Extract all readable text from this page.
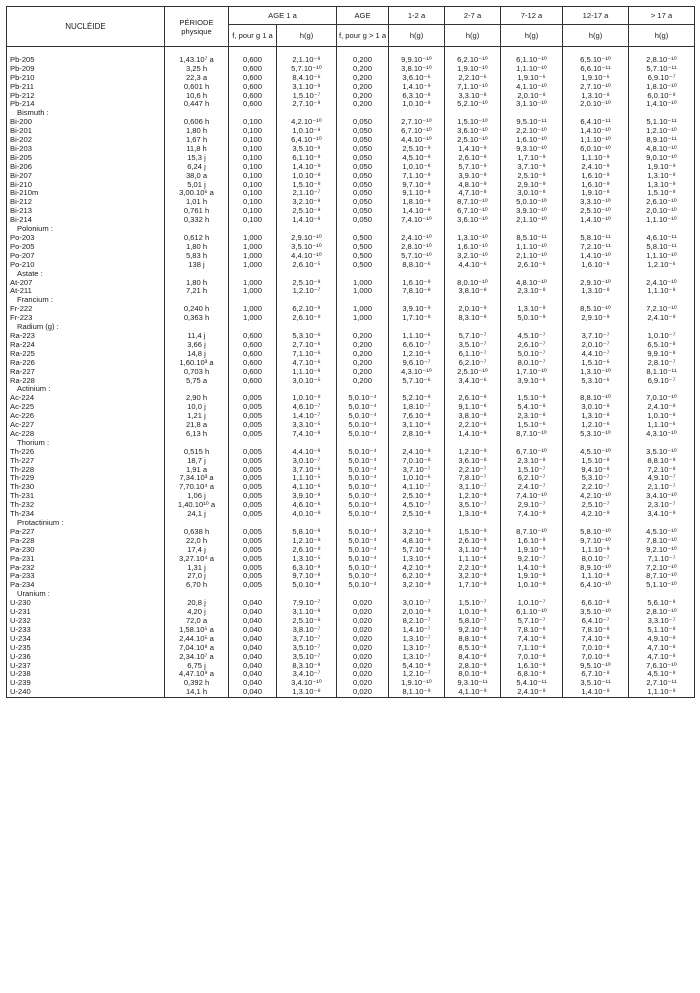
NUCLÉIDE	PÉRIODE physique	AGE 1 a		AGE	1-2 a	2-7 a	7-12 a	12-17 a	> 17 a
		f, pour g 1 a	h(g)	f, pour g > 1 a	h(g)	h(g)	h(g)	h(g)	h(g)

Pb-205	1,43.10⁷ a	0,600	2,1.10⁻⁹	0,200	9,9.10⁻¹⁰	6,2.10⁻¹⁰	6,1.10⁻¹⁰	6,5.10⁻¹⁰	2,8.10⁻¹⁰
Pb-209	3,25 h	0,600	5,7.10⁻¹⁰	0,200	3,8.10⁻¹⁰	1,9.10⁻¹⁰	1,1.10⁻¹⁰	6,6.10⁻¹¹	5,7.10⁻¹¹
Pb-210	22,3 a	0,600	8,4.10⁻⁶	0,200	3,6.10⁻⁶	2,2.10⁻⁶	1,9.10⁻⁶	1,9.10⁻⁶	6,9.10⁻⁷
Pb-211	0,601 h	0,600	3,1.10⁻⁹	0,200	1,4.10⁻⁹	7,1.10⁻¹⁰	4,1.10⁻¹⁰	2,7.10⁻¹⁰	1,8.10⁻¹⁰
Pb-212	10,6 h	0,600	1,5.10⁻⁷	0,200	6,3.10⁻⁸	3,3.10⁻⁸	2,0.10⁻⁸	1,3.10⁻⁸	6,0.10⁻⁹
Pb-214	0,447 h	0,600	2,7.10⁻⁹	0,200	1,0.10⁻⁹	5,2.10⁻¹⁰	3,1.10⁻¹⁰	2,0.10⁻¹⁰	1,4.10⁻¹⁰
Bismuth :									
Bi-200	0,606 h	0,100	4,2.10⁻¹⁰	0,050	2,7.10⁻¹⁰	1,5.10⁻¹⁰	9,5.10⁻¹¹	6,4.10⁻¹¹	5,1.10⁻¹¹
Bi-201	1,80 h	0,100	1,0.10⁻⁹	0,050	6,7.10⁻¹⁰	3,6.10⁻¹⁰	2,2.10⁻¹⁰	1,4.10⁻¹⁰	1,2.10⁻¹⁰
Bi-202	1,67 h	0,100	6,4.10⁻¹⁰	0,050	4,4.10⁻¹⁰	2,5.10⁻¹⁰	1,6.10⁻¹⁰	1,1.10⁻¹⁰	8,9.10⁻¹¹
Bi-203	11,8 h	0,100	3,5.10⁻⁹	0,050	2,5.10⁻⁹	1,4.10⁻⁹	9,3.10⁻¹⁰	6,0.10⁻¹⁰	4,8.10⁻¹⁰
Bi-205	15,3 j	0,100	6,1.10⁻⁹	0,050	4,5.10⁻⁹	2,6.10⁻⁹	1,7.10⁻⁹	1,1.10⁻⁹	9,0.10⁻¹⁰
Bi-206	6,24 j	0,100	1,4.10⁻⁸	0,050	1,0.10⁻⁸	5,7.10⁻⁹	3,7.10⁻⁹	2,4.10⁻⁹	1,9.10⁻⁹
Bi-207	38,0 a	0,100	1,0.10⁻⁸	0,050	7,1.10⁻⁹	3,9.10⁻⁹	2,5.10⁻⁹	1,6.10⁻⁹	1,3.10⁻⁹
Bi-210	5,01 j	0,100	1,5.10⁻⁸	0,050	9,7.10⁻⁹	4,8.10⁻⁹	2,9.10⁻⁹	1,6.10⁻⁹	1,3.10⁻⁹
Bi-210m	3,00.10⁶ a	0,100	2,1.10⁻⁷	0,050	9,1.10⁻⁸	4,7.10⁻⁸	3,0.10⁻⁸	1,9.10⁻⁸	1,5.10⁻⁸
Bi-212	1,01 h	0,100	3,2.10⁻⁹	0,050	1,8.10⁻⁹	8,7.10⁻¹⁰	5,0.10⁻¹⁰	3,3.10⁻¹⁰	2,6.10⁻¹⁰
Bi-213	0,761 h	0,100	2,5.10⁻⁹	0,050	1,4.10⁻⁹	6,7.10⁻¹⁰	3,9.10⁻¹⁰	2,5.10⁻¹⁰	2,0.10⁻¹⁰
Bi-214	0,332 h	0,100	1,4.10⁻⁹	0,050	7,4.10⁻¹⁰	3,6.10⁻¹⁰	2,1.10⁻¹⁰	1,4.10⁻¹⁰	1,1.10⁻¹⁰
Polonium :									
Po-203	0,612 h	1,000	2,9.10⁻¹⁰	0,500	2,4.10⁻¹⁰	1,3.10⁻¹⁰	8,5.10⁻¹¹	5,8.10⁻¹¹	4,6.10⁻¹¹
Po-205	1,80 h	1,000	3,5.10⁻¹⁰	0,500	2,8.10⁻¹⁰	1,6.10⁻¹⁰	1,1.10⁻¹⁰	7,2.10⁻¹¹	5,8.10⁻¹¹
Po-207	5,83 h	1,000	4,4.10⁻¹⁰	0,500	5,7.10⁻¹⁰	3,2.10⁻¹⁰	2,1.10⁻¹⁰	1,4.10⁻¹⁰	1,1.10⁻¹⁰
Po-210	138 j	1,000	2,6.10⁻⁵	0,500	8,8.10⁻⁶	4,4.10⁻⁶	2,6.10⁻⁶	1,6.10⁻⁶	1,2.10⁻⁶
Astate :									
At-207	1,80 h	1,000	2,5.10⁻⁹	1,000	1,6.10⁻⁹	8,0.10⁻¹⁰	4,8.10⁻¹⁰	2,9.10⁻¹⁰	2,4.10⁻¹⁰
At-211	7,21 h	1,000	1,2.10⁻⁷	1,000	7,8.10⁻⁸	3,8.10⁻⁸	2,3.10⁻⁸	1,3.10⁻⁸	1,1.10⁻⁸
Francium :									
Fr-222	0,240 h	1,000	6,2.10⁻⁹	1,000	3,9.10⁻⁹	2,0.10⁻⁹	1,3.10⁻⁹	8,5.10⁻¹⁰	7,2.10⁻¹⁰
Fr-223	0,363 h	1,000	2,6.10⁻⁸	1,000	1,7.10⁻⁸	8,3.10⁻⁹	5,0.10⁻⁹	2,9.10⁻⁹	2,4.10⁻⁹
Radium (g) :									
Ra-223	11,4 j	0,600	5,3.10⁻⁶	0,200	1,1.10⁻⁶	5,7.10⁻⁷	4,5.10⁻⁷	3,7.10⁻⁷	1,0.10⁻⁷
Ra-224	3,66 j	0,600	2,7.10⁻⁶	0,200	6,6.10⁻⁷	3,5.10⁻⁷	2,6.10⁻⁷	2,0.10⁻⁷	6,5.10⁻⁸
Ra-225	14,8 j	0,600	7,1.10⁻⁶	0,200	1,2.10⁻⁶	6,1.10⁻⁷	5,0.10⁻⁷	4,4.10⁻⁷	9,9.10⁻⁸
Ra-226	1,60.10³ a	0,600	4,7.10⁻⁶	0,200	9,6.10⁻⁷	6,2.10⁻⁷	8,0.10⁻⁷	1,5.10⁻⁶	2,8.10⁻⁷
Ra-227	0,703 h	0,600	1,1.10⁻⁹	0,200	4,3.10⁻¹⁰	2,5.10⁻¹⁰	1,7.10⁻¹⁰	1,3.10⁻¹⁰	8,1.10⁻¹¹
Ra-228	5,75 a	0,600	3,0.10⁻⁵	0,200	5,7.10⁻⁶	3,4.10⁻⁶	3,9.10⁻⁶	5,3.10⁻⁶	6,9.10⁻⁷
Actinium :									
Ac-224	2,90 h	0,005	1,0.10⁻⁸	5,0.10⁻⁴	5,2.10⁻⁹	2,6.10⁻⁹	1,5.10⁻⁹	8,8.10⁻¹⁰	7,0.10⁻¹⁰
Ac-225	10,0 j	0,005	4,6.10⁻⁷	5,0.10⁻⁴	1,8.10⁻⁷	9,1.10⁻⁸	5,4.10⁻⁸	3,0.10⁻⁸	2,4.10⁻⁸
Ac-226	1,21 j	0,005	1,4.10⁻⁷	5,0.10⁻⁴	7,6.10⁻⁸	3,8.10⁻⁸	2,3.10⁻⁸	1,3.10⁻⁸	1,0.10⁻⁸
Ac-227	21,8 a	0,005	3,3.10⁻⁵	5,0.10⁻⁴	3,1.10⁻⁶	2,2.10⁻⁶	1,5.10⁻⁶	1,2.10⁻⁶	1,1.10⁻⁶
Ac-228	6,13 h	0,005	7,4.10⁻⁹	5,0.10⁻⁴	2,8.10⁻⁹	1,4.10⁻⁹	8,7.10⁻¹⁰	5,3.10⁻¹⁰	4,3.10⁻¹⁰
Thorium :									
Th-226	0,515 h	0,005	4,4.10⁻⁹	5,0.10⁻⁴	2,4.10⁻⁹	1,2.10⁻⁹	6,7.10⁻¹⁰	4,5.10⁻¹⁰	3,5.10⁻¹⁰
Th-227	18,7 j	0,005	3,0.10⁻⁷	5,0.10⁻⁴	7,0.10⁻⁸	3,6.10⁻⁸	2,3.10⁻⁸	1,5.10⁻⁸	8,8.10⁻⁹
Th-228	1,91 a	0,005	3,7.10⁻⁶	5,0.10⁻⁴	3,7.10⁻⁷	2,2.10⁻⁷	1,5.10⁻⁷	9,4.10⁻⁸	7,2.10⁻⁸
Th-229	7,34.10³ a	0,005	1,1.10⁻⁵	5,0.10⁻⁴	1,0.10⁻⁶	7,8.10⁻⁷	6,2.10⁻⁷	5,3.10⁻⁷	4,9.10⁻⁷
Th-230	7,70.10⁴ a	0,005	4,1.10⁻⁶	5,0.10⁻⁴	4,1.10⁻⁷	3,1.10⁻⁷	2,4.10⁻⁷	2,2.10⁻⁷	2,1.10⁻⁷
Th-231	1,06 j	0,005	3,9.10⁻⁹	5,0.10⁻⁴	2,5.10⁻⁹	1,2.10⁻⁹	7,4.10⁻¹⁰	4,2.10⁻¹⁰	3,4.10⁻¹⁰
Th-232	1,40.10¹⁰ a	0,005	4,6.10⁻⁶	5,0.10⁻⁴	4,5.10⁻⁷	3,5.10⁻⁷	2,9.10⁻⁷	2,5.10⁻⁷	2,3.10⁻⁷
Th-234	24,1 j	0,005	4,0.10⁻⁸	5,0.10⁻⁴	2,5.10⁻⁸	1,3.10⁻⁸	7,4.10⁻⁹	4,2.10⁻⁹	3,4.10⁻⁹
Protactinium :									
Pa-227	0,638 h	0,005	5,8.10⁻⁹	5,0.10⁻⁴	3,2.10⁻⁹	1,5.10⁻⁹	8,7.10⁻¹⁰	5,8.10⁻¹⁰	4,5.10⁻¹⁰
Pa-228	22,0 h	0,005	1,2.10⁻⁸	5,0.10⁻⁴	4,8.10⁻⁹	2,6.10⁻⁹	1,6.10⁻⁹	9,7.10⁻¹⁰	7,8.10⁻¹⁰
Pa-230	17,4 j	0,005	2,6.10⁻⁸	5,0.10⁻⁴	5,7.10⁻⁹	3,1.10⁻⁹	1,9.10⁻⁹	1,1.10⁻⁹	9,2.10⁻¹⁰
Pa-231	3,27.10⁴ a	0,005	1,3.10⁻⁵	5,0.10⁻⁴	1,3.10⁻⁶	1,1.10⁻⁶	9,2.10⁻⁷	8,0.10⁻⁷	7,1.10⁻⁷
Pa-232	1,31 j	0,005	6,3.10⁻⁹	5,0.10⁻⁴	4,2.10⁻⁹	2,2.10⁻⁹	1,4.10⁻⁹	8,9.10⁻¹⁰	7,2.10⁻¹⁰
Pa-233	27,0 j	0,005	9,7.10⁻⁹	5,0.10⁻⁴	6,2.10⁻⁹	3,2.10⁻⁹	1,9.10⁻⁹	1,1.10⁻⁹	8,7.10⁻¹⁰
Pa-234	6,70 h	0,005	5,0.10⁻⁹	5,0.10⁻⁴	3,2.10⁻⁹	1,7.10⁻⁹	1,0.10⁻⁹	6,4.10⁻¹⁰	5,1.10⁻¹⁰
Uranium :									
U-230	20,8 j	0,040	7,9.10⁻⁷	0,020	3,0.10⁻⁷	1,5.10⁻⁷	1,0.10⁻⁷	6,6.10⁻⁸	5,6.10⁻⁸
U-231	4,20 j	0,040	3,1.10⁻⁹	0,020	2,0.10⁻⁹	1,0.10⁻⁹	6,1.10⁻¹⁰	3,5.10⁻¹⁰	2,8.10⁻¹⁰
U-232	72,0 a	0,040	2,5.10⁻⁶	0,020	8,2.10⁻⁷	5,8.10⁻⁷	5,7.10⁻⁷	6,4.10⁻⁷	3,3.10⁻⁷
U-233	1,58.10⁵ a	0,040	3,8.10⁻⁷	0,020	1,4.10⁻⁷	9,2.10⁻⁸	7,8.10⁻⁸	7,8.10⁻⁸	5,1.10⁻⁸
U-234	2,44.10⁵ a	0,040	3,7.10⁻⁷	0,020	1,3.10⁻⁷	8,8.10⁻⁸	7,4.10⁻⁸	7,4.10⁻⁸	4,9.10⁻⁸
U-235	7,04.10⁸ a	0,040	3,5.10⁻⁷	0,020	1,3.10⁻⁷	8,5.10⁻⁸	7,1.10⁻⁸	7,0.10⁻⁸	4,7.10⁻⁸
U-236	2,34.10⁷ a	0,040	3,5.10⁻⁷	0,020	1,3.10⁻⁷	8,4.10⁻⁸	7,0.10⁻⁸	7,0.10⁻⁸	4,7.10⁻⁸
U-237	6,75 j	0,040	8,3.10⁻⁹	0,020	5,4.10⁻⁹	2,8.10⁻⁹	1,6.10⁻⁹	9,5.10⁻¹⁰	7,6.10⁻¹⁰
U-238	4,47.10⁹ a	0,040	3,4.10⁻⁷	0,020	1,2.10⁻⁷	8,0.10⁻⁸	6,8.10⁻⁸	6,7.10⁻⁸	4,5.10⁻⁸
U-239	0,392 h	0,040	3,4.10⁻¹⁰	0,020	1,9.10⁻¹⁰	9,3.10⁻¹¹	5,4.10⁻¹¹	3,5.10⁻¹¹	2,7.10⁻¹¹
U-240	14,1 h	0,040	1,3.10⁻⁸	0,020	8,1.10⁻⁹	4,1.10⁻⁹	2,4.10⁻⁹	1,4.10⁻⁹	1,1.10⁻⁹
